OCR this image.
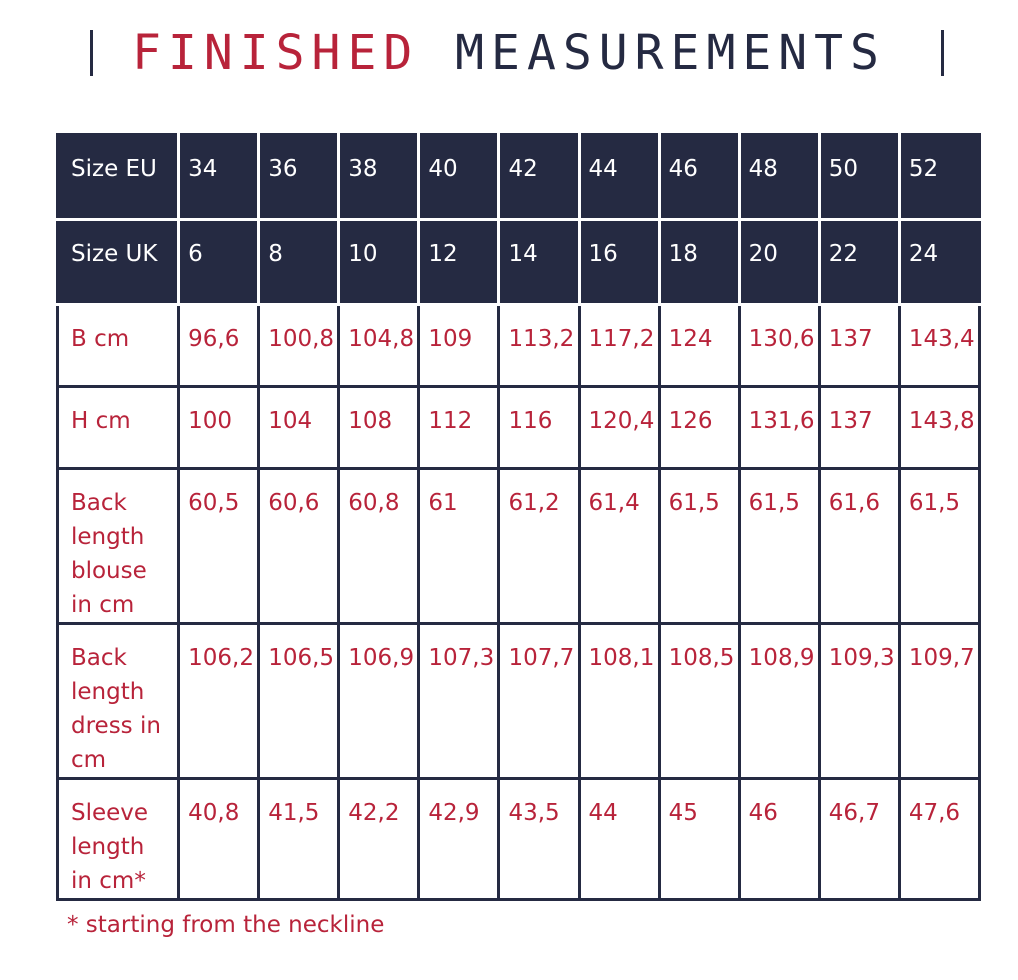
FINISHED MEASUREMENTS
Size EU	34	36	38	40	42	44	46	48	50	52
Size UK	6	8	10	12	14	16	18	20	22	24
B cm	96,6	100,8	104,8	109	113,2	117,2	124	130,6	137	143,4
H cm	100	104	108	112	116	120,4	126	131,6	137	143,8
Back length blouse in cm	60,5	60,6	60,8	61	61,2	61,4	61,5	61,5	61,6	61,5
Back length dress in cm	106,2	106,5	106,9	107,3	107,7	108,1	108,5	108,9	109,3	109,7
Sleeve length in cm*	40,8	41,5	42,2	42,9	43,5	44	45	46	46,7	47,6
* starting from the neckline
